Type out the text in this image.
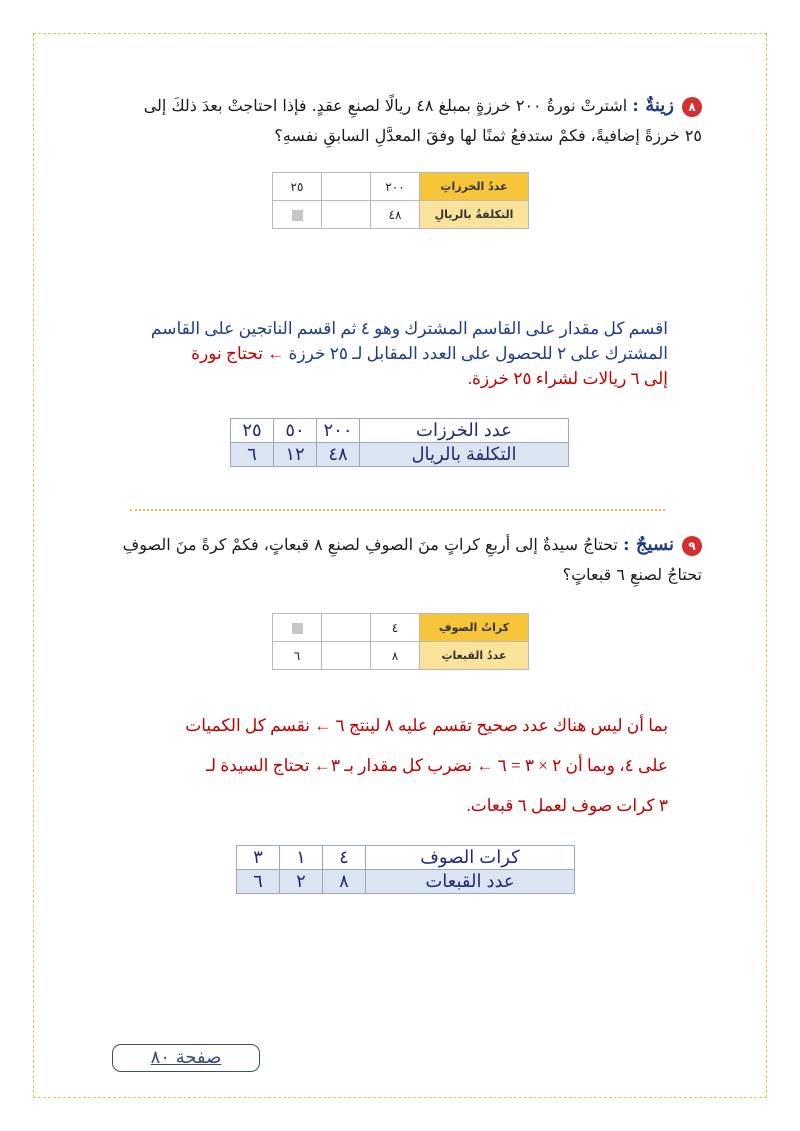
٨زينةٌ : اشترتْ نورةُ ٢٠٠ خرزةٍ بمبلغ ٤٨ ريالًا لصنعِ عقدٍ. فإذا احتاجتْ بعدَ ذلكَ إلى
٢٥ خرزةً إضافيةً، فكمْ ستدفعُ ثمنًا لها وفقَ المعدَّلِ السابقِ نفسهِ؟
عددُ الخرزاتِ	٢٠٠		٢٥
التكلفةُ بالريالِ	٤٨		
اقسم كل مقدار على القاسم المشترك وهو ٤ ثم اقسم الناتجين على القاسم
المشترك على ٢ للحصول على العدد المقابل لـ ٢٥ خرزة ← تحتاج نورة
إلى ٦ ريالات لشراء ٢٥ خرزة.
عدد الخرزات	٢٠٠	٥٠	٢٥
التكلفة بالريال	٤٨	١٢	٦
٩نسيجٌ : تحتاجُ سيدةٌ إلى أربعِ كراتٍ منَ الصوفِ لصنعِ ٨ قبعاتٍ، فكمْ كرةً منَ الصوفِ
تحتاجُ لصنعِ ٦ قبعاتٍ؟
كراتُ الصوفِ	٤		
عددُ القبعاتِ	٨		٦
بما أن ليس هناك عدد صحيح تقسم عليه ٨ لينتج ٦ ← نقسم كل الكميات
على ٤، وبما أن ٢ × ٣ = ٦ ← نضرب كل مقدار بـ ٣← تحتاج السيدة لـ
٣ كرات صوف لعمل ٦ قبعات.
كرات الصوف	٤	١	٣
عدد القبعات	٨	٢	٦
صفحة ٨٠
